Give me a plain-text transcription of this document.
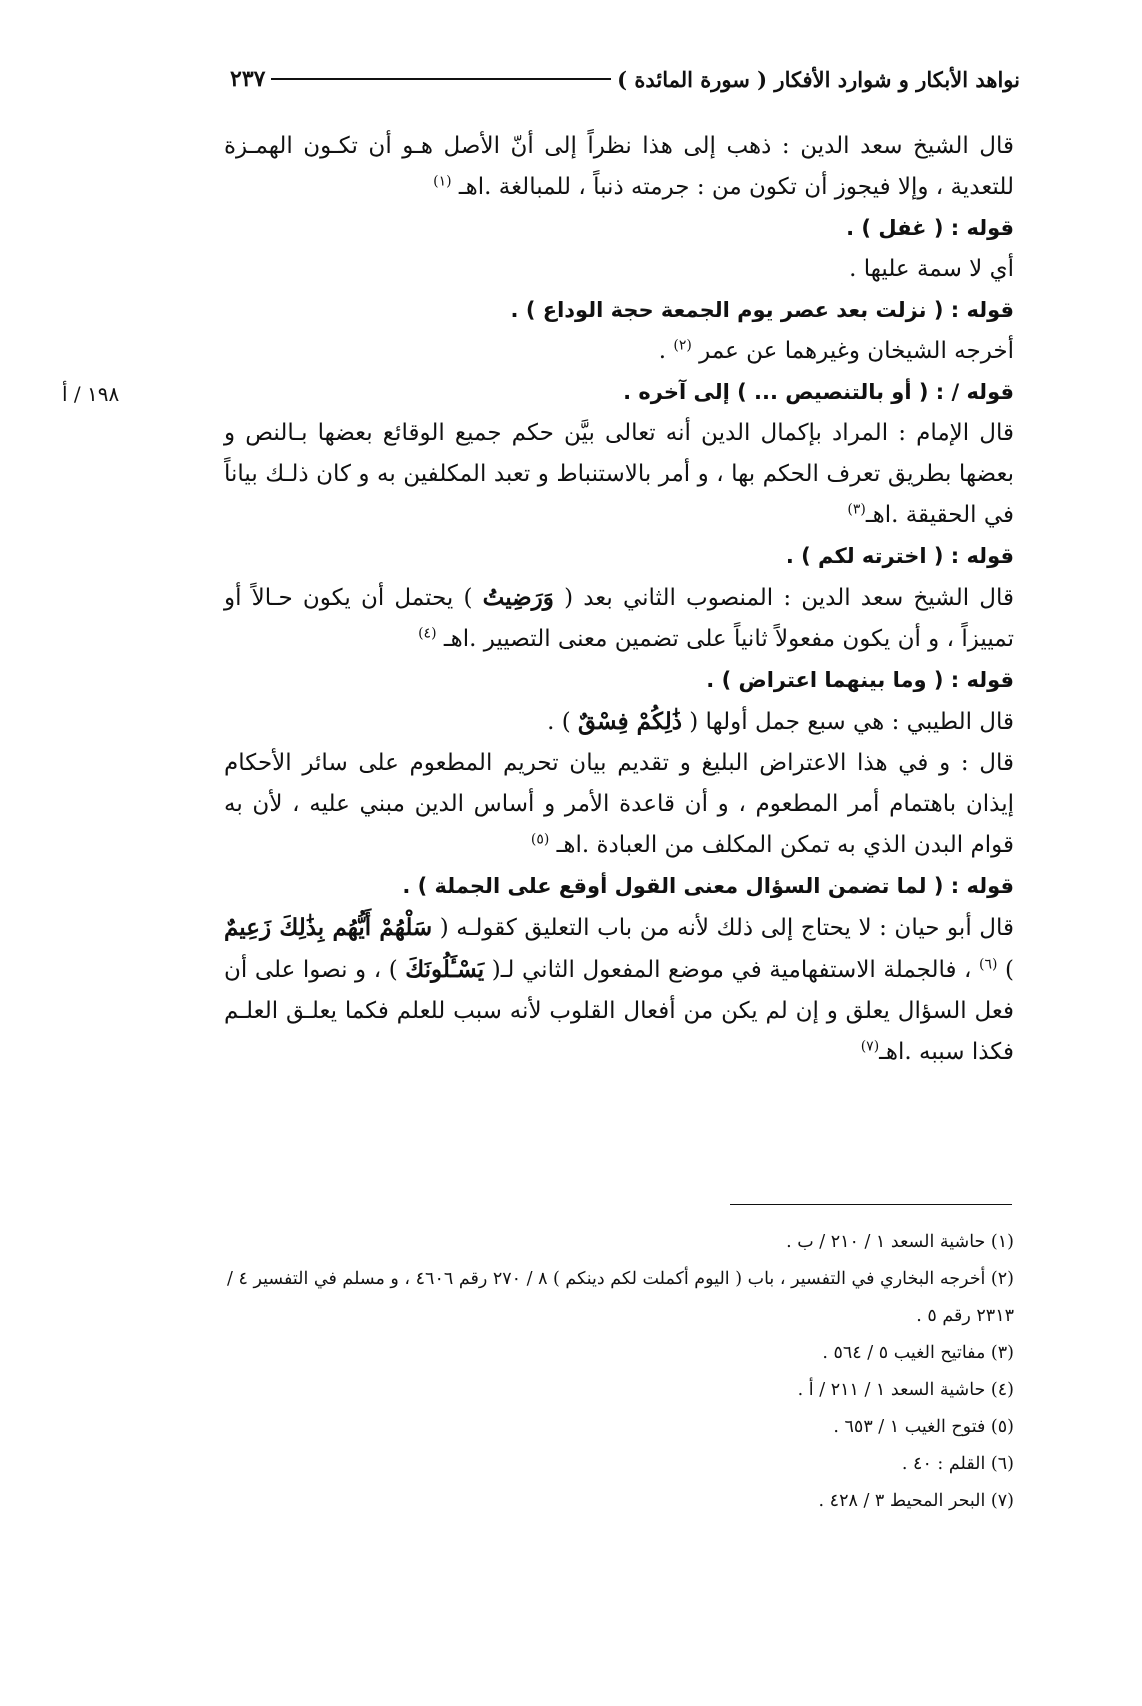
نواهد الأبكار و شوارد الأفكار ( سورة المائدة )
٢٣٧
١٩٨ / أ

قال الشيخ سعد الدين : ذهب إلى هذا نظراً إلى أنّ الأصل هـو أن تكـون الهمـزة للتعدية ، وإلا فيجوز أن تكون من : جرمته ذنباً ، للمبالغة .اهـ $^{(١)}$

قوله : ( غفل ) .

أي لا سمة عليها .

قوله : ( نزلت بعد عصر يوم الجمعة حجة الوداع ) .

أخرجه الشيخان وغيرهما عن عمر $^{(٢)}$ .

قوله / : ( أو بالتنصيص ... ) إلى آخره .

قال الإمام : المراد بإكمال الدين أنه تعالى بيَّن حكم جميع الوقائع بعضها بـالنص و بعضها بطريق تعرف الحكم بها ، و أمر بالاستنباط و تعبد المكلفين به و كان ذلـك بياناً في الحقيقة .اهـ$^{(٣)}$

قوله : ( اخترته لكم ) .

قال الشيخ سعد الدين : المنصوب الثاني بعد ( وَرَضِيتُ ) يحتمل أن يكون حـالاً أو تمييزاً ، و أن يكون مفعولاً ثانياً على تضمين معنى التصيير .اهـ $^{(٤)}$

قوله : ( وما بينهما اعتراض ) .

قال الطيبي : هي سبع جمل أولها ( ذَٰلِكُمْ فِسْقٌ ) .

قال : و في هذا الاعتراض البليغ و تقديم بيان تحريم المطعوم على سائر الأحكام إيذان باهتمام أمر المطعوم ، و أن قاعدة الأمر و أساس الدين مبني عليه ، لأن به قوام البدن الذي به تمكن المكلف من العبادة .اهـ $^{(٥)}$

قوله : ( لما تضمن السؤال معنى القول أوقع على الجملة ) .

قال أبو حيان : لا يحتاج إلى ذلك لأنه من باب التعليق كقولـه ( سَلْهُمْ أَيُّهُم بِذَٰلِكَ زَعِيمٌ ) $^{(٦)}$ ، فالجملة الاستفهامية في موضع المفعول الثاني لـ( يَسْـَٔلُونَكَ ) ، و نصوا على أن فعل السؤال يعلق و إن لم يكن من أفعال القلوب لأنه سبب للعلم فكما يعلـق العلـم فكذا سببه .اهـ$^{(٧)}$

(١) حاشية السعد ١ / ٢١٠ / ب .

(٢) أخرجه البخاري في التفسير ، باب ( اليوم أكملت لكم دينكم ) ٨ / ٢٧٠ رقم ٤٦٠٦ ، و مسلم في التفسير ٤ / ٢٣١٣ رقم ٥ .

(٣) مفاتيح الغيب ٥ / ٥٦٤ .

(٤) حاشية السعد ١ / ٢١١ / أ .

(٥) فتوح الغيب ١ / ٦٥٣ .

(٦) القلم : ٤٠ .

(٧) البحر المحيط ٣ / ٤٢٨ .
